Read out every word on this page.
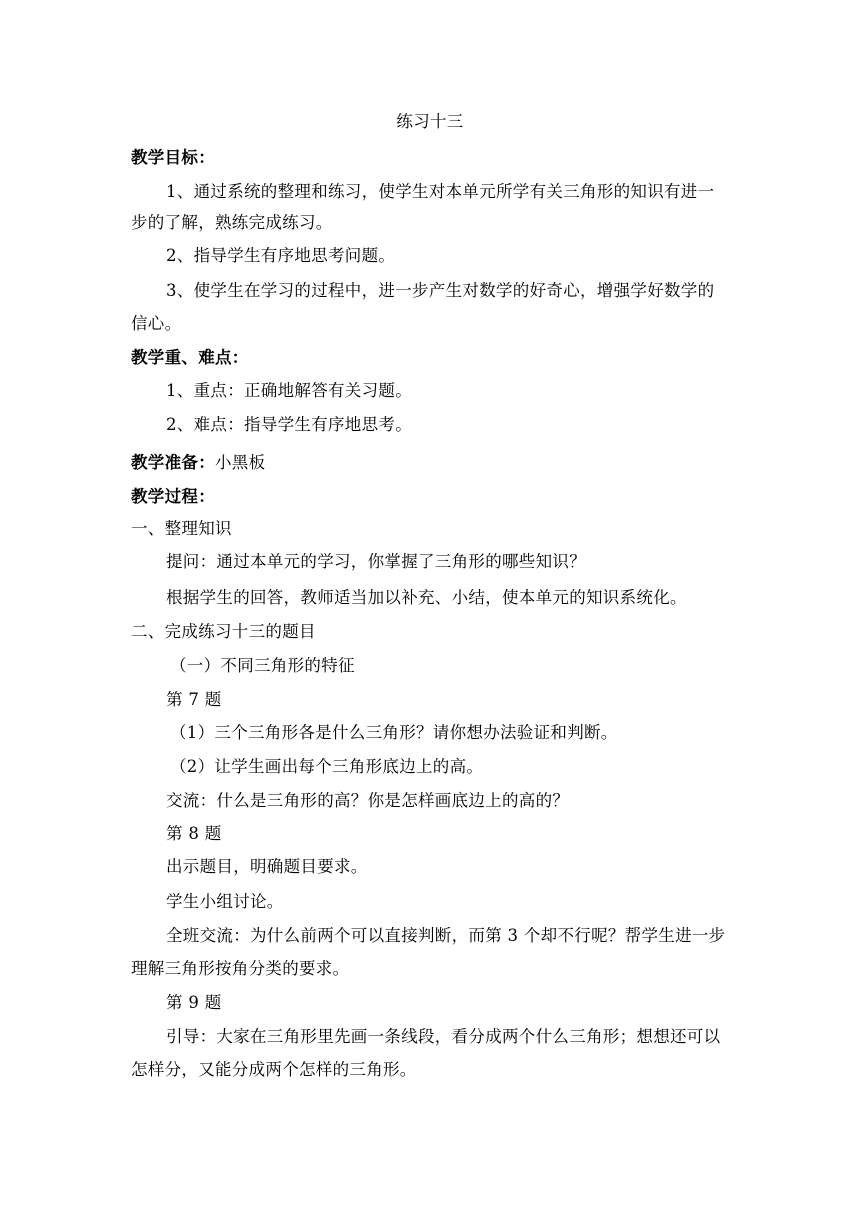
练习十三
教学目标：
1、通过系统的整理和练习，使学生对本单元所学有关三角形的知识有进一
步的了解，熟练完成练习。
2、指导学生有序地思考问题。
3、使学生在学习的过程中，进一步产生对数学的好奇心，增强学好数学的
信心。
教学重、难点：
1、重点：正确地解答有关习题。
2、难点：指导学生有序地思考。
教学准备：小黑板
教学过程：
一、整理知识
提问：通过本单元的学习，你掌握了三角形的哪些知识？
根据学生的回答，教师适当加以补充、小结，使本单元的知识系统化。
二、完成练习十三的题目
（一）不同三角形的特征
第 7 题
（1）三个三角形各是什么三角形？请你想办法验证和判断。
（2）让学生画出每个三角形底边上的高。
交流：什么是三角形的高？你是怎样画底边上的高的？
第 8 题
出示题目，明确题目要求。
学生小组讨论。
全班交流：为什么前两个可以直接判断，而第 3 个却不行呢？帮学生进一步
理解三角形按角分类的要求。
第 9 题
引导：大家在三角形里先画一条线段，看分成两个什么三角形；想想还可以
怎样分，又能分成两个怎样的三角形。
